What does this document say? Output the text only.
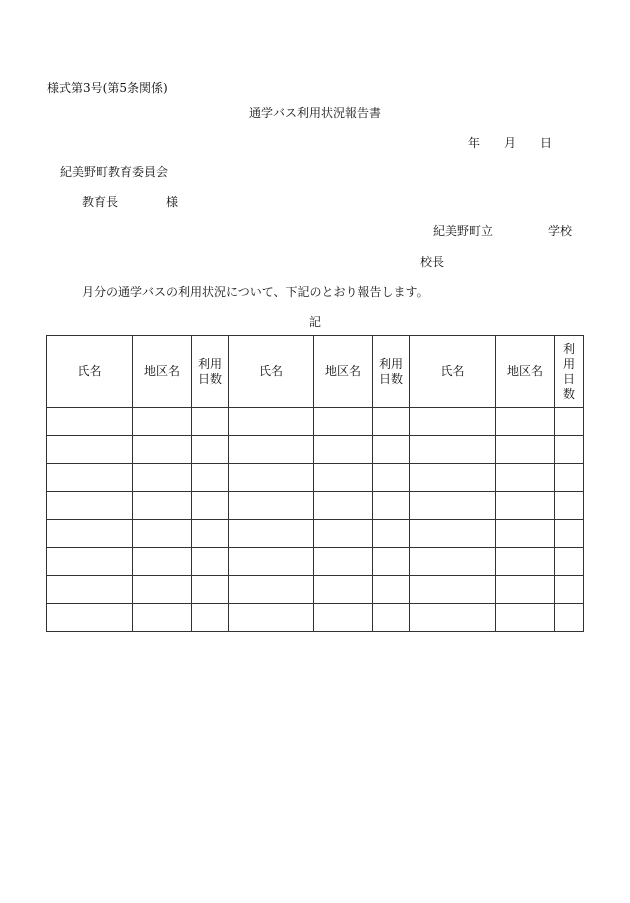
様式第3号(第5条関係)
通学バス利用状況報告書
年 月 日
紀美野町教育委員会
教育長	様
紀美野町立	学校
校長
月分の通学バスの利用状況について、下記のとおり報告します。
記
氏名	地区名	利用日数	氏名	地区名	利用日数	氏名	地区名	利用日数
